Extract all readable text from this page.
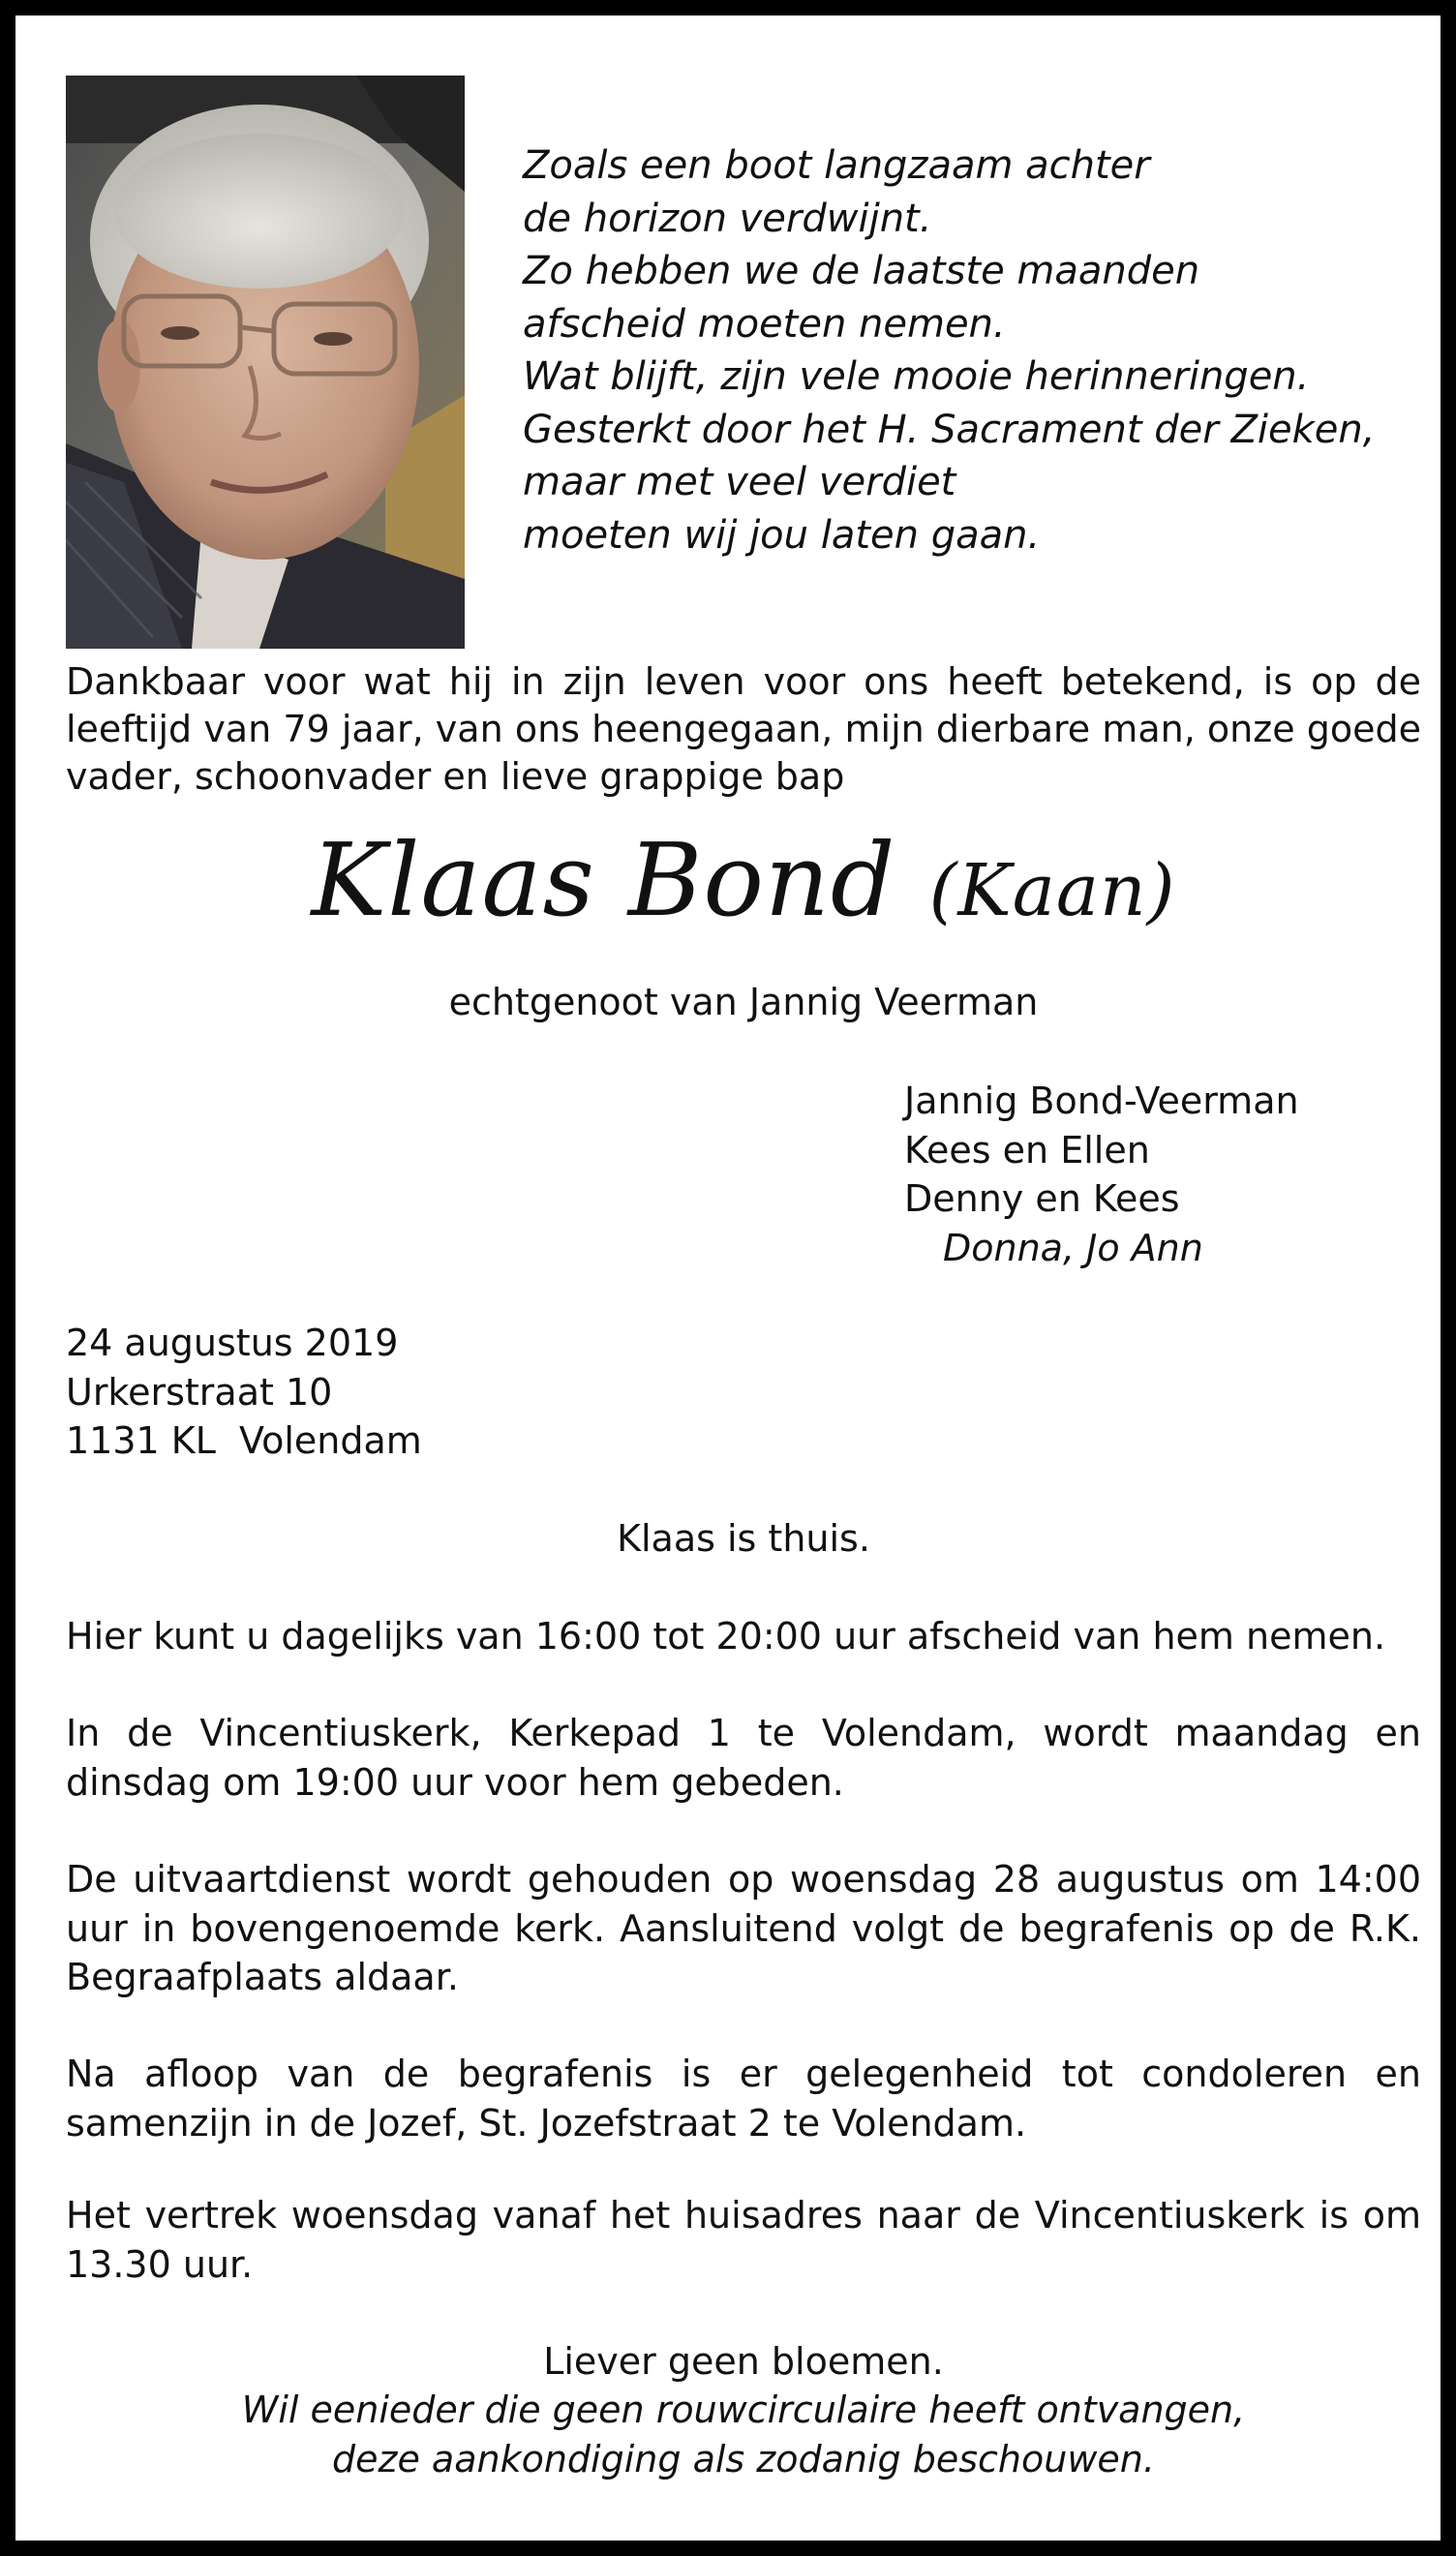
Zoals een boot langzaam achter
de horizon verdwijnt.
Zo hebben we de laatste maanden
afscheid moeten nemen.
Wat blijft, zijn vele mooie herinneringen.
Gesterkt door het H. Sacrament der Zieken,
maar met veel verdiet
moeten wij jou laten gaan.
Dankbaar voor wat hij in zijn leven voor ons heeft betekend, is op de leeftijd van 79 jaar, van ons heengegaan, mijn dierbare man, onze goede vader, schoonvader en lieve grappige bap
Klaas Bond (Kaan)
echtgenoot van Jannig Veerman
Jannig Bond-Veerman
Kees en Ellen
Denny en Kees
Donna, Jo Ann
24 augustus 2019
Urkerstraat 10
1131 KL  Volendam
Klaas is thuis.
Hier kunt u dagelijks van 16:00 tot 20:00 uur afscheid van hem nemen.
In de Vincentiuskerk, Kerkepad 1 te Volendam, wordt maandag en dinsdag om 19:00 uur voor hem gebeden.
De uitvaartdienst wordt gehouden op woensdag 28 augustus om 14:00 uur in bovengenoemde kerk. Aansluitend volgt de begrafenis op de R.K. Begraafplaats aldaar.
Na afloop van de begrafenis is er gelegenheid tot condoleren en samenzijn in de Jozef, St. Jozefstraat 2 te Volendam.
Het vertrek woensdag vanaf het huisadres naar de Vincentiuskerk is om 13.30 uur.
Liever geen bloemen.
Wil eenieder die geen rouwcirculaire heeft ontvangen,
deze aankondiging als zodanig beschouwen.
